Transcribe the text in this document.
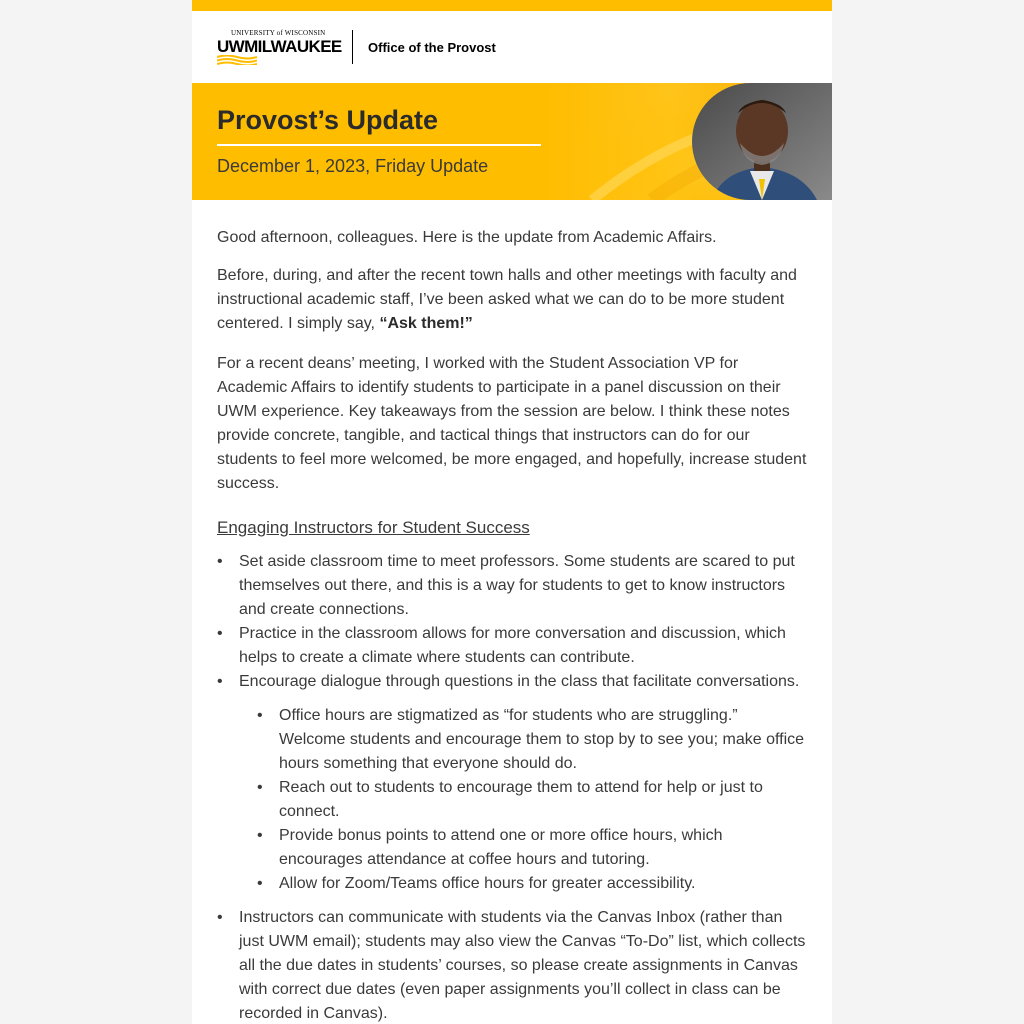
UNIVERSITY of WISCONSIN
UWMILWAUKEE Office of the Provost
Provost’s Update
December 1, 2023, Friday Update

Good afternoon, colleagues. Here is the update from Academic Affairs.

Before, during, and after the recent town halls and other meetings with faculty and instructional academic staff, I’ve been asked what we can do to be more student centered. I simply say, “Ask them!”

For a recent deans’ meeting, I worked with the Student Association VP for Academic Affairs to identify students to participate in a panel discussion on their UWM experience. Key takeaways from the session are below. I think these notes provide concrete, tangible, and tactical things that instructors can do for our students to feel more welcomed, be more engaged, and hopefully, increase student success.

Engaging Instructors for Student Success
• Set aside classroom time to meet professors. Some students are scared to put themselves out there, and this is a way for students to get to know instructors and create connections.
• Practice in the classroom allows for more conversation and discussion, which helps to create a climate where students can contribute.
• Encourage dialogue through questions in the class that facilitate conversations.
• Office hours are stigmatized as “for students who are struggling.” Welcome students and encourage them to stop by to see you; make office hours something that everyone should do.
• Reach out to students to encourage them to attend for help or just to connect.
• Provide bonus points to attend one or more office hours, which encourages attendance at coffee hours and tutoring.
• Allow for Zoom/Teams office hours for greater accessibility.
• Instructors can communicate with students via the Canvas Inbox (rather than just UWM email); students may also view the Canvas “To-Do” list, which collects all the due dates in students’ courses, so please create assignments in Canvas with correct due dates (even paper assignments you’ll collect in class can be recorded in Canvas).
